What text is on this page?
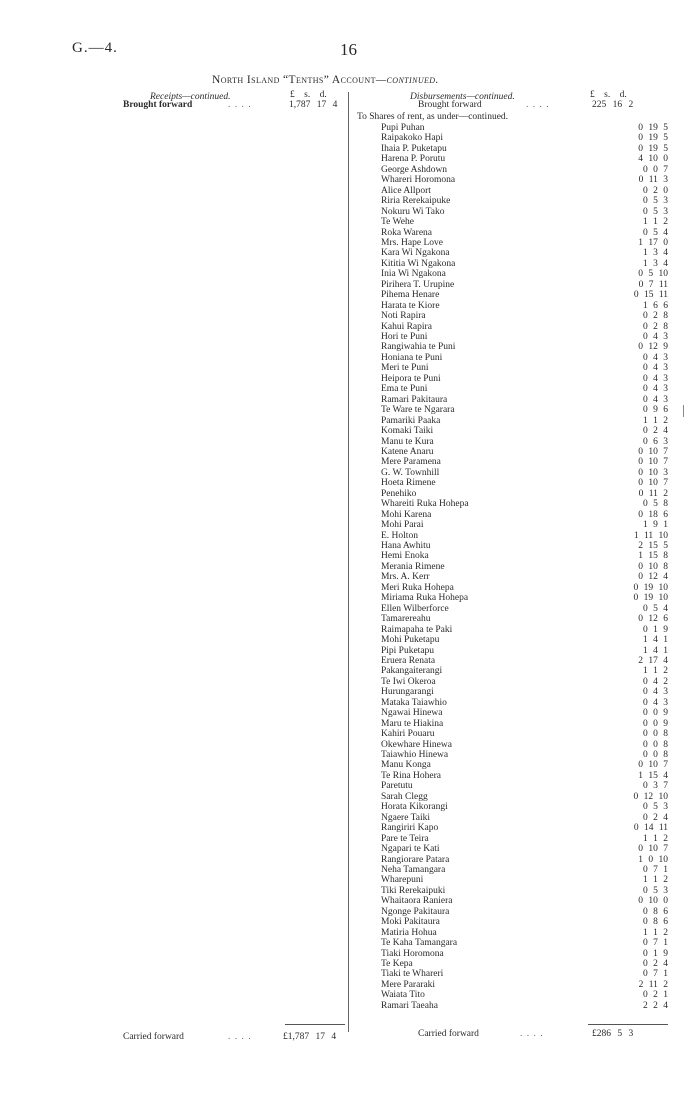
G.—4.	16
North Island “Tenths” Account—continued.
Receipts—continued.	£ s. d.	Disbursements—continued.	£ s. d.
Brought forward	. . . .	1,787 17 4	Brought forward	. . . .	225 16 2
To Shares of rent, as under—continued.
Pupi Puhan	0 19 5
Raipakoko Hapi	0 19 5
Ihaia P. Puketapu	0 19 5
Harena P. Porutu	4 10 0
George Ashdown	0 0 7
Whareri Horomona	0 11 3
Alice Allport	0 2 0
Riria Rerekaipuke	0 5 3
Nokuru Wi Tako	0 5 3
Te Wehe	1 1 2
Roka Warena	0 5 4
Mrs. Hape Love	1 17 0
Kara Wi Ngakona	1 3 4
Kititia Wi Ngakona	1 3 4
Inia Wi Ngakona	0 5 10
Pirihera T. Urupine	0 7 11
Pihema Henare	0 15 11
Harata te Kiore	1 6 6
Noti Rapira	0 2 8
Kahui Rapira	0 2 8
Hori te Puni	0 4 3
Rangiwahia te Puni	0 12 9
Honiana te Puni	0 4 3
Meri te Puni	0 4 3
Heipora te Puni	0 4 3
Ema te Puni	0 4 3
Ramari Pakitaura	0 4 3
Te Ware te Ngarara	0 9 6
Pamariki Paaka	1 1 2
Komaki Taiki	0 2 4
Manu te Kura	0 6 3
Katene Anaru	0 10 7
Mere Paramena	0 10 7
G. W. Townhill	0 10 3
Hoeta Rimene	0 10 7
Penehiko	0 11 2
Whareiti Ruka Hohepa	0 5 8
Mohi Karena	0 18 6
Mohi Parai	1 9 1
E. Holton	1 11 10
Hana Awhitu	2 15 5
Hemi Enoka	1 15 8
Merania Rimene	0 10 8
Mrs. A. Kerr	0 12 4
Meri Ruka Hohepa	0 19 10
Miriama Ruka Hohepa	0 19 10
Ellen Wilberforce	0 5 4
Tamarereahu	0 12 6
Raimapaha te Paki	0 1 9
Mohi Puketapu	1 4 1
Pipi Puketapu	1 4 1
Eruera Renata	2 17 4
Pakangaiterangi	1 1 2
Te Iwi Okeroa	0 4 2
Hurungarangi	0 4 3
Mataka Taiawhio	0 4 3
Ngawai Hinewa	0 0 9
Maru te Hiakina	0 0 9
Kahiri Pouaru	0 0 8
Okewhare Hinewa	0 0 8
Taiawhio Hinewa	0 0 8
Manu Konga	0 10 7
Te Rina Hohera	1 15 4
Paretutu	0 3 7
Sarah Clegg	0 12 10
Horata Kikorangi	0 5 3
Ngaere Taiki	0 2 4
Rangiriri Kapo	0 14 11
Pare te Teira	1 1 2
Ngapari te Kati	0 10 7
Rangiorare Patara	1 0 10
Neha Tamangara	0 7 1
Wharepuni	1 1 2
Tiki Rerekaipuki	0 5 3
Whaitaora Raniera	0 10 0
Ngonge Pakitaura	0 8 6
Moki Pakitaura	0 8 6
Matiria Hohua	1 1 2
Te Kaha Tamangara	0 7 1
Tiaki Horomona	0 1 9
Te Kepa	0 2 4
Tiaki te Whareri	0 7 1
Mere Pararaki	2 11 2
Waiata Tito	0 2 1
Ramari Taeaha	2 2 4
Carried forward	. . . .	£1,787 17 4	Carried forward	. . . .	£286 5 3
